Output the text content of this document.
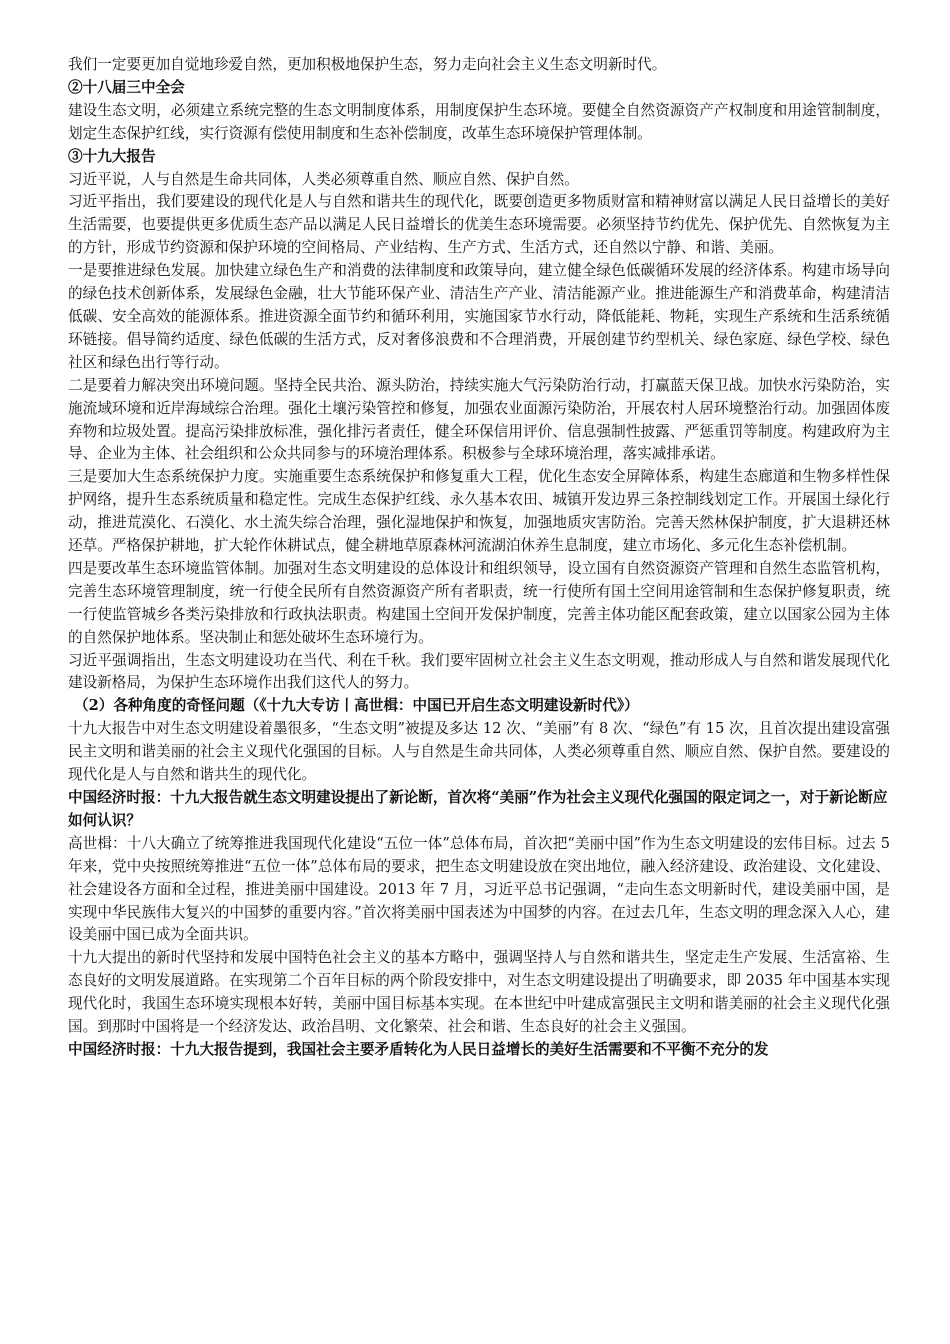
我们一定要更加自觉地珍爱自然，更加积极地保护生态，努力走向社会主义生态文明新时代。

②十八届三中全会

建设生态文明，必须建立系统完整的生态文明制度体系，用制度保护生态环境。要健全自然资源资产产权制度和用途管制制度，划定生态保护红线，实行资源有偿使用制度和生态补偿制度，改革生态环境保护管理体制。

③十九大报告

习近平说，人与自然是生命共同体，人类必须尊重自然、顺应自然、保护自然。

习近平指出，我们要建设的现代化是人与自然和谐共生的现代化，既要创造更多物质财富和精神财富以满足人民日益增长的美好生活需要，也要提供更多优质生态产品以满足人民日益增长的优美生态环境需要。必须坚持节约优先、保护优先、自然恢复为主的方针，形成节约资源和保护环境的空间格局、产业结构、生产方式、生活方式，还自然以宁静、和谐、美丽。

一是要推进绿色发展。加快建立绿色生产和消费的法律制度和政策导向，建立健全绿色低碳循环发展的经济体系。构建市场导向的绿色技术创新体系，发展绿色金融，壮大节能环保产业、清洁生产产业、清洁能源产业。推进能源生产和消费革命，构建清洁低碳、安全高效的能源体系。推进资源全面节约和循环利用，实施国家节水行动，降低能耗、物耗，实现生产系统和生活系统循环链接。倡导简约适度、绿色低碳的生活方式，反对奢侈浪费和不合理消费，开展创建节约型机关、绿色家庭、绿色学校、绿色社区和绿色出行等行动。

二是要着力解决突出环境问题。坚持全民共治、源头防治，持续实施大气污染防治行动，打赢蓝天保卫战。加快水污染防治，实施流域环境和近岸海域综合治理。强化土壤污染管控和修复，加强农业面源污染防治，开展农村人居环境整治行动。加强固体废弃物和垃圾处置。提高污染排放标准，强化排污者责任，健全环保信用评价、信息强制性披露、严惩重罚等制度。构建政府为主导、企业为主体、社会组织和公众共同参与的环境治理体系。积极参与全球环境治理，落实减排承诺。

三是要加大生态系统保护力度。实施重要生态系统保护和修复重大工程，优化生态安全屏障体系，构建生态廊道和生物多样性保护网络，提升生态系统质量和稳定性。完成生态保护红线、永久基本农田、城镇开发边界三条控制线划定工作。开展国土绿化行动，推进荒漠化、石漠化、水土流失综合治理，强化湿地保护和恢复，加强地质灾害防治。完善天然林保护制度，扩大退耕还林还草。严格保护耕地，扩大轮作休耕试点，健全耕地草原森林河流湖泊休养生息制度，建立市场化、多元化生态补偿机制。

四是要改革生态环境监管体制。加强对生态文明建设的总体设计和组织领导，设立国有自然资源资产管理和自然生态监管机构，完善生态环境管理制度，统一行使全民所有自然资源资产所有者职责，统一行使所有国土空间用途管制和生态保护修复职责，统一行使监管城乡各类污染排放和行政执法职责。构建国土空间开发保护制度，完善主体功能区配套政策，建立以国家公园为主体的自然保护地体系。坚决制止和惩处破坏生态环境行为。

习近平强调指出，生态文明建设功在当代、利在千秋。我们要牢固树立社会主义生态文明观，推动形成人与自然和谐发展现代化建设新格局，为保护生态环境作出我们这代人的努力。

（2）各种角度的奇怪问题（《十九大专访丨高世楫：中国已开启生态文明建设新时代》）

十九大报告中对生态文明建设着墨很多，“生态文明”被提及多达 12 次、“美丽”有 8 次、“绿色”有 15 次，且首次提出建设富强民主文明和谐美丽的社会主义现代化强国的目标。人与自然是生命共同体，人类必须尊重自然、顺应自然、保护自然。要建设的现代化是人与自然和谐共生的现代化。

中国经济时报：十九大报告就生态文明建设提出了新论断，首次将“美丽”作为社会主义现代化强国的限定词之一，对于新论断应如何认识？

高世楫：十八大确立了统筹推进我国现代化建设“五位一体”总体布局，首次把“美丽中国”作为生态文明建设的宏伟目标。过去 5 年来，党中央按照统筹推进“五位一体”总体布局的要求，把生态文明建设放在突出地位，融入经济建设、政治建设、文化建设、社会建设各方面和全过程，推进美丽中国建设。2013 年 7 月，习近平总书记强调，“走向生态文明新时代，建设美丽中国，是实现中华民族伟大复兴的中国梦的重要内容。”首次将美丽中国表述为中国梦的内容。在过去几年，生态文明的理念深入人心，建设美丽中国已成为全面共识。

十九大提出的新时代坚持和发展中国特色社会主义的基本方略中，强调坚持人与自然和谐共生，坚定走生产发展、生活富裕、生态良好的文明发展道路。在实现第二个百年目标的两个阶段安排中，对生态文明建设提出了明确要求，即 2035 年中国基本实现现代化时，我国生态环境实现根本好转，美丽中国目标基本实现。在本世纪中叶建成富强民主文明和谐美丽的社会主义现代化强国。到那时中国将是一个经济发达、政治昌明、文化繁荣、社会和谐、生态良好的社会主义强国。

中国经济时报：十九大报告提到，我国社会主要矛盾转化为人民日益增长的美好生活需要和不平衡不充分的发
